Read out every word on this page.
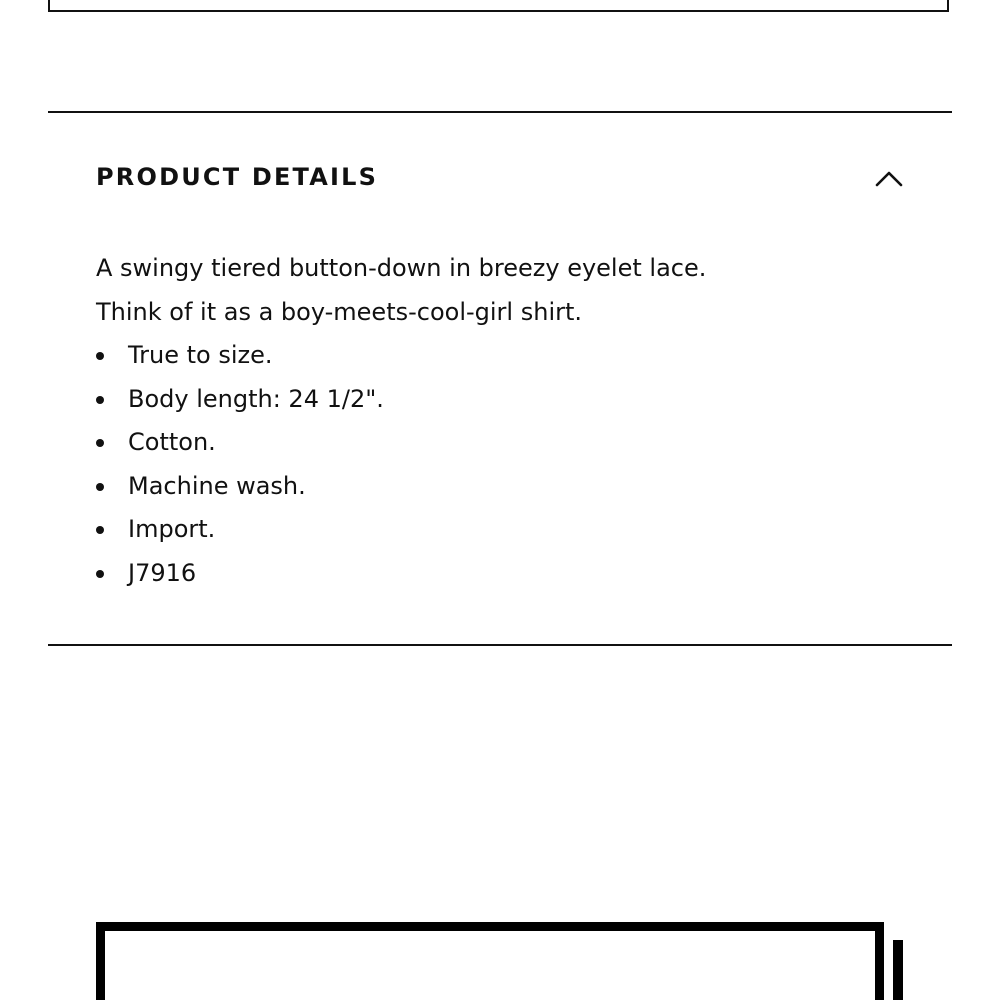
PRODUCT DETAILS

A swingy tiered button-down in breezy eyelet lace.

Think of it as a boy-meets-cool-girl shirt.

True to size.
Body length: 24 1/2".
Cotton.
Machine wash.
Import.
J7916
